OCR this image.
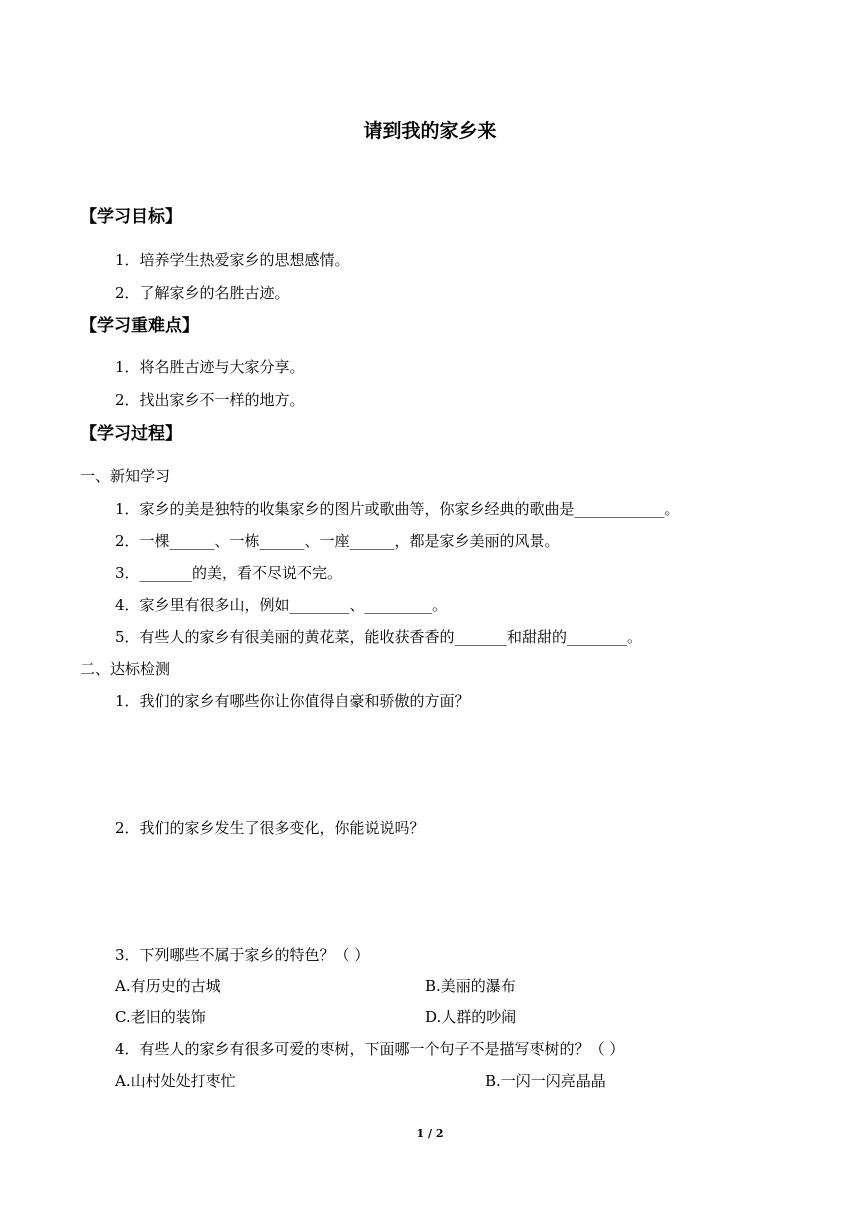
请到我的家乡来
【学习目标】
1．培养学生热爱家乡的思想感情。
2．了解家乡的名胜古迹。
【学习重难点】
1．将名胜古迹与大家分享。
2．找出家乡不一样的地方。
【学习过程】
一、新知学习
1．家乡的美是独特的收集家乡的图片或歌曲等，你家乡经典的歌曲是____________。
2．一棵______、一栋______、一座______，都是家乡美丽的风景。
3．_______的美，看不尽说不完。
4．家乡里有很多山，例如________、_________。
5．有些人的家乡有很美丽的黄花菜，能收获香香的_______和甜甜的________。
二、达标检测
1．我们的家乡有哪些你让你值得自豪和骄傲的方面？
2．我们的家乡发生了很多变化，你能说说吗？
3．下列哪些不属于家乡的特色？（ ）
A.有历史的古城	B.美丽的瀑布
C.老旧的装饰	D.人群的吵闹
4．有些人的家乡有很多可爱的枣树，下面哪一个句子不是描写枣树的？（ ）
A.山村处处打枣忙	B.一闪一闪亮晶晶
1 / 2
